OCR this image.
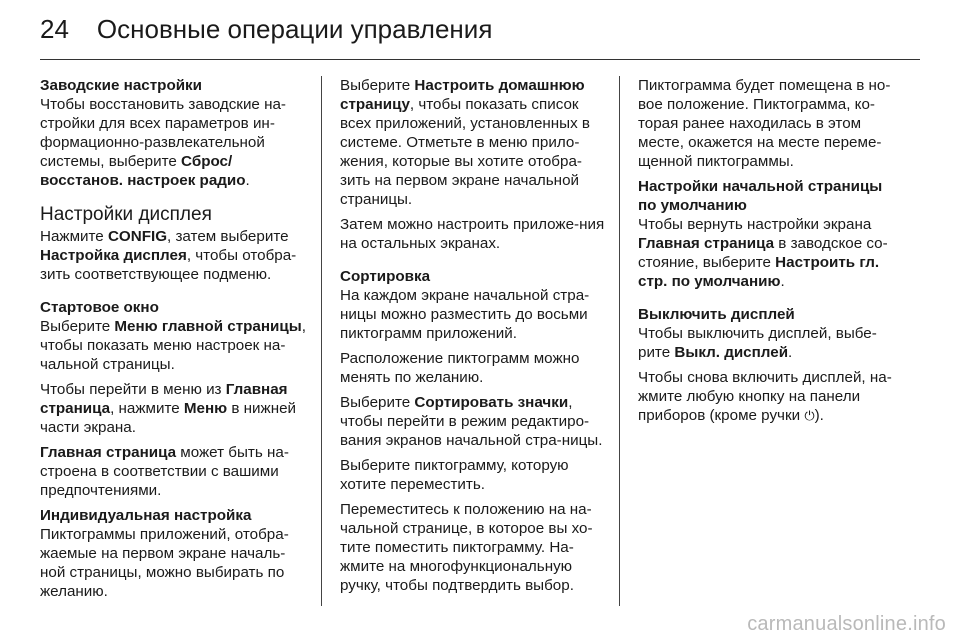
24 Основные операции управления
Заводские настройки
Чтобы восстановить заводские на-стройки для всех параметров ин-формационно-развлекательной системы, выберите Сброс/ восстанов. настроек радио.
Настройки дисплея
Нажмите CONFIG, затем выберите Настройка дисплея, чтобы отобра-зить соответствующее подменю.
Стартовое окно

Выберите Меню главной страницы, чтобы показать меню настроек на-чальной страницы.

Чтобы перейти в меню из Главная страница, нажмите Меню в нижней части экрана.

Главная страница может быть на-строена в соответствии с вашими предпочтениями.

Индивидуальная настройка
Пиктограммы приложений, отобра-жаемые на первом экране началь-ной страницы, можно выбирать по желанию.

Выберите Настроить домашнюю страницу, чтобы показать список всех приложений, установленных в системе. Отметьте в меню прило-жения, которые вы хотите отобра-зить на первом экране начальной страницы.

Затем можно настроить приложе-ния на остальных экранах.

Сортировка

На каждом экране начальной стра-ницы можно разместить до восьми пиктограмм приложений.

Расположение пиктограмм можно менять по желанию.

Выберите Сортировать значки, чтобы перейти в режим редактиро-вания экранов начальной стра-ницы.

Выберите пиктограмму, которую хотите переместить.

Переместитесь к положению на на-чальной странице, в которое вы хо-тите поместить пиктограмму. На-жмите на многофункциональную ручку, чтобы подтвердить выбор.

Пиктограмма будет помещена в но-вое положение. Пиктограмма, ко-торая ранее находилась в этом месте, окажется на месте переме-щенной пиктограммы.

Настройки начальной страницы по умолчанию
Чтобы вернуть настройки экрана Главная страница в заводское со-стояние, выберите Настроить гл. стр. по умолчанию.
Выключить дисплей

Чтобы выключить дисплей, выбе-рите Выкл. дисплей.

Чтобы снова включить дисплей, на-жмите любую кнопку на панели приборов (кроме ручки ⏻).

carmanualsonline.info
